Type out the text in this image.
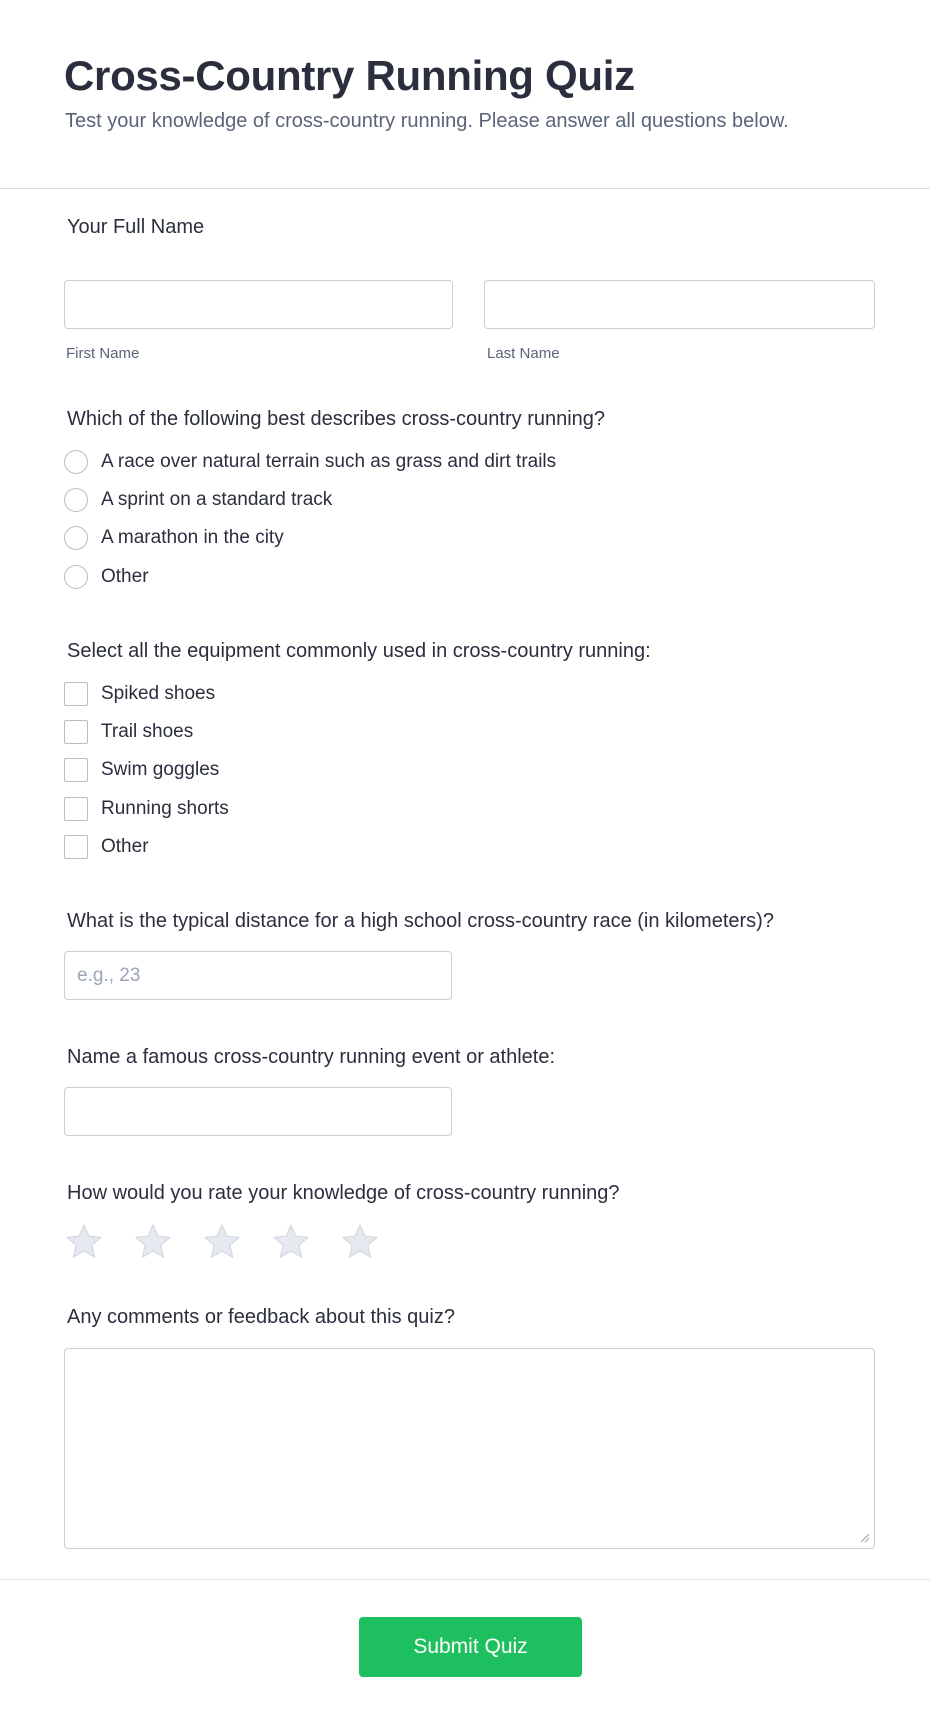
Cross-Country Running Quiz

Test your knowledge of cross-country running. Please answer all questions below.

Your Full Name
First Name	Last Name
Which of the following best describes cross-country running?
A race over natural terrain such as grass and dirt trails
A sprint on a standard track
A marathon in the city
Other
Select all the equipment commonly used in cross-country running:
Spiked shoes
Trail shoes
Swim goggles
Running shorts
Other
What is the typical distance for a high school cross-country race (in kilometers)?
e.g., 23
Name a famous cross-country running event or athlete:
How would you rate your knowledge of cross-country running?
Any comments or feedback about this quiz?
Submit Quiz
